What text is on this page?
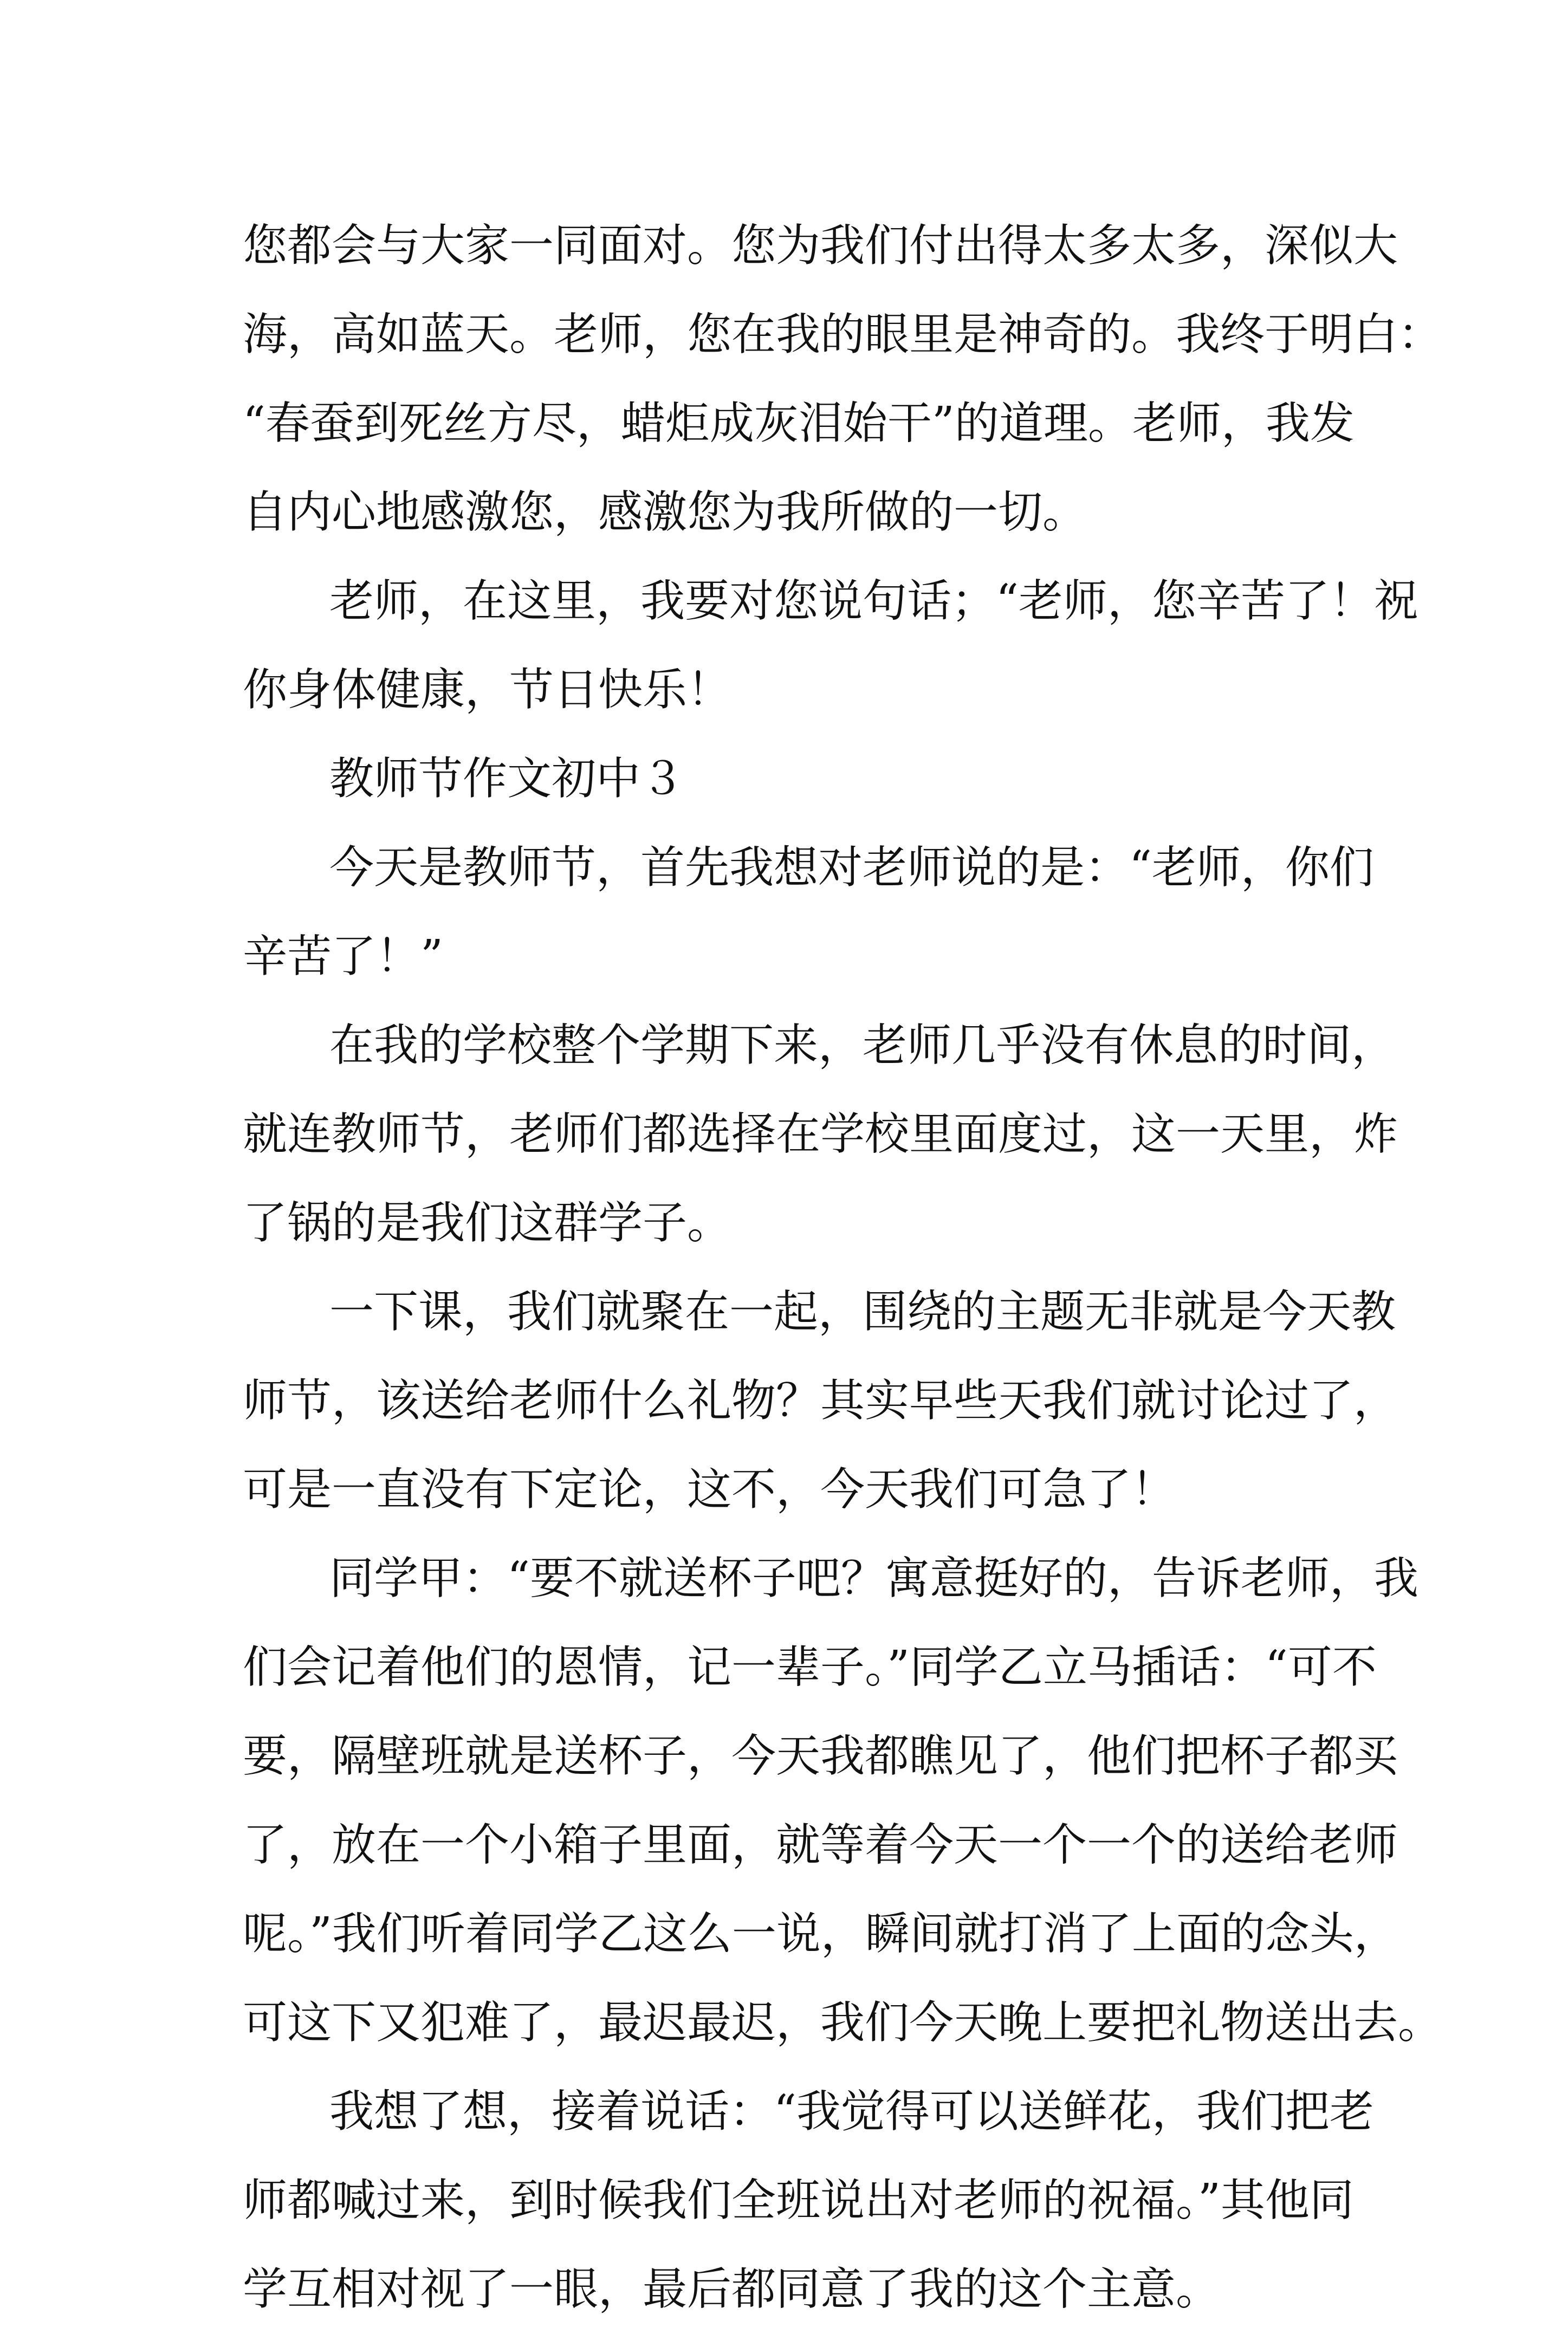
您都会与大家一同面对。您为我们付出得太多太多，深似大
海，高如蓝天。老师，您在我的眼里是神奇的。我终于明白：
“春蚕到死丝方尽，蜡炬成灰泪始干”的道理。老师，我发
自内心地感激您，感激您为我所做的一切。
老师，在这里，我要对您说句话；“老师，您辛苦了！祝
你身体健康，节日快乐！
教师节作文初中３
今天是教师节，首先我想对老师说的是：“老师，你们
辛苦了！”
在我的学校整个学期下来，老师几乎没有休息的时间，
就连教师节，老师们都选择在学校里面度过，这一天里，炸
了锅的是我们这群学子。
一下课，我们就聚在一起，围绕的主题无非就是今天教
师节，该送给老师什么礼物？其实早些天我们就讨论过了，
可是一直没有下定论，这不，今天我们可急了！
同学甲：“要不就送杯子吧？寓意挺好的，告诉老师，我
们会记着他们的恩情，记一辈子。”同学乙立马插话：“可不
要，隔壁班就是送杯子，今天我都瞧见了，他们把杯子都买
了，放在一个小箱子里面，就等着今天一个一个的送给老师
呢。”我们听着同学乙这么一说，瞬间就打消了上面的念头，
可这下又犯难了，最迟最迟，我们今天晚上要把礼物送出去。
我想了想，接着说话：“我觉得可以送鲜花，我们把老
师都喊过来，到时候我们全班说出对老师的祝福。”其他同
学互相对视了一眼，最后都同意了我的这个主意。
